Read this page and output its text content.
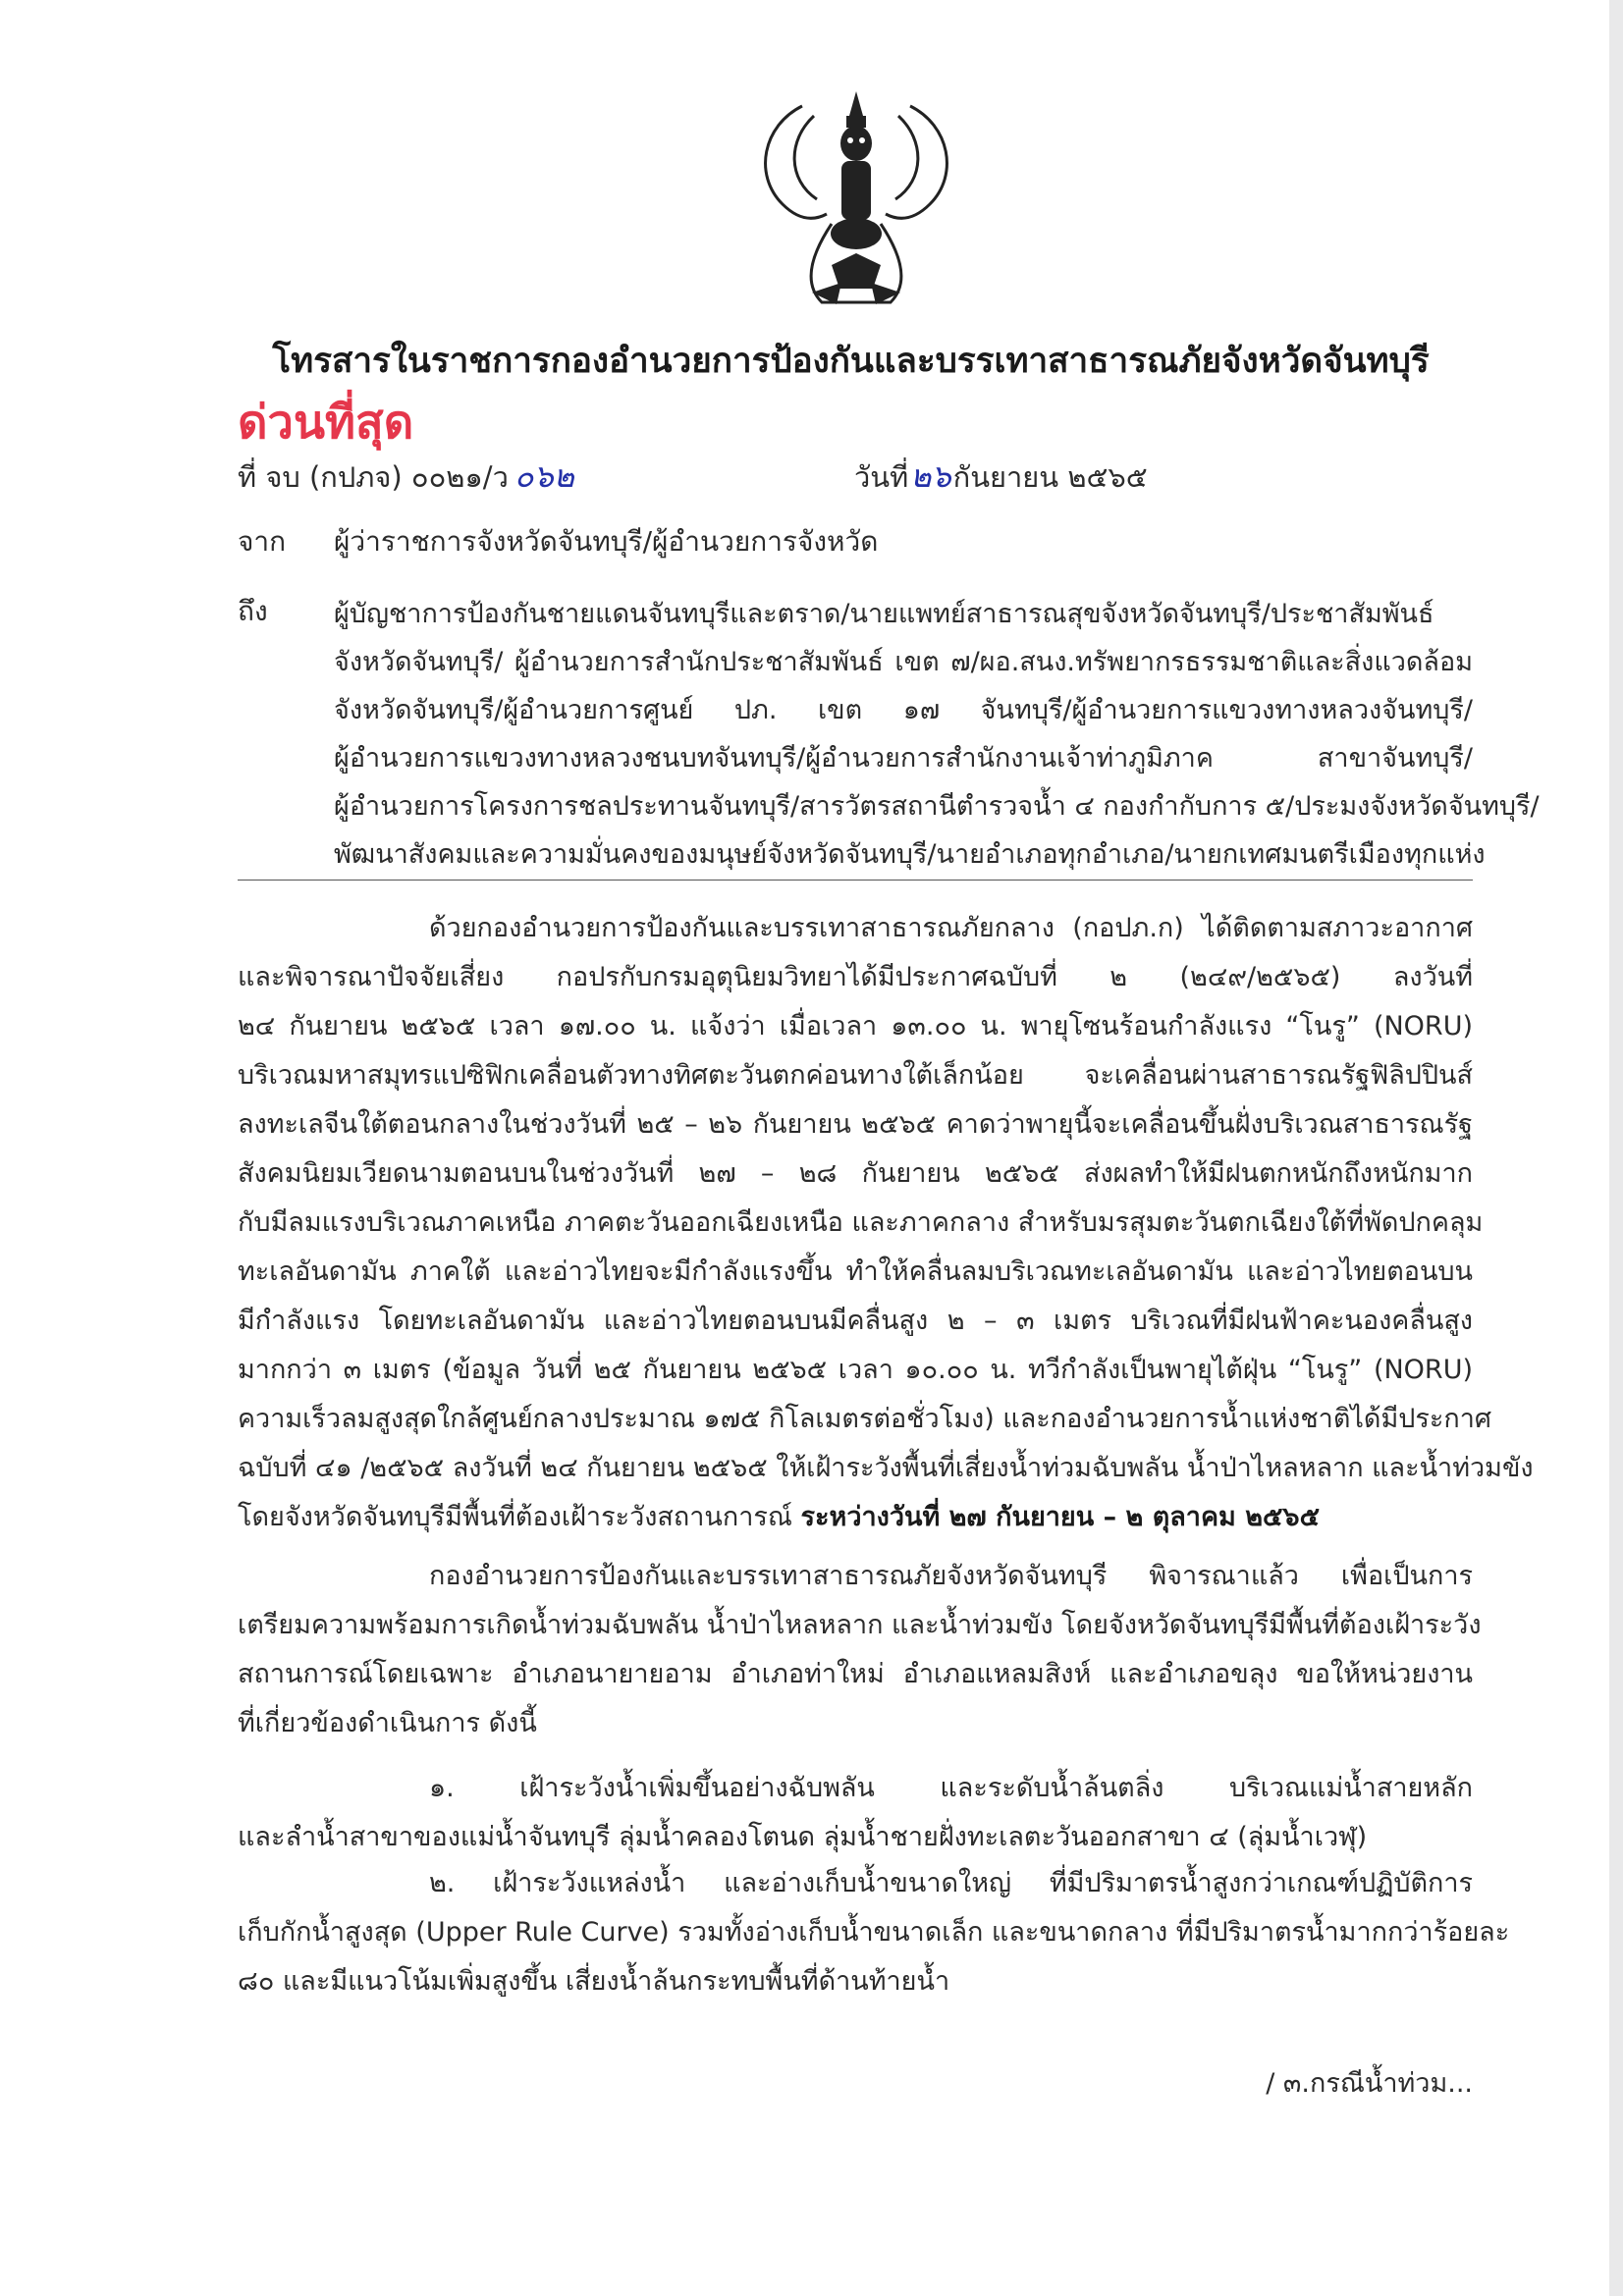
โทรสารในราชการกองอำนวยการป้องกันและบรรเทาสาธารณภัยจังหวัดจันทบุรี
ด่วนที่สุด
ที่ จบ (กปภจ) ๐๐๒๑/ว ๐๖๒	วันที่๒๖กันยายน ๒๕๖๕
จาก ผู้ว่าราชการจังหวัดจันทบุรี/ผู้อำนวยการจังหวัด
ถึง ผู้บัญชาการป้องกันชายแดนจันทบุรีและตราด/นายแพทย์สาธารณสุขจังหวัดจันทบุรี/ประชาสัมพันธ์
จังหวัดจันทบุรี/ ผู้อำนวยการสำนักประชาสัมพันธ์ เขต ๗/ผอ.สนง.ทรัพยากรธรรมชาติและสิ่งแวดล้อม
จังหวัดจันทบุรี/ผู้อำนวยการศูนย์ ปภ. เขต ๑๗ จันทบุรี/ผู้อำนวยการแขวงทางหลวงจันทบุรี/
ผู้อำนวยการแขวงทางหลวงชนบทจันทบุรี/ผู้อำนวยการสำนักงานเจ้าท่าภูมิภาค สาขาจันทบุรี/
ผู้อำนวยการโครงการชลประทานจันทบุรี/สารวัตรสถานีตำรวจน้ำ ๔ กองกำกับการ ๕/ประมงจังหวัดจันทบุรี/
พัฒนาสังคมและความมั่นคงของมนุษย์จังหวัดจันทบุรี/นายอำเภอทุกอำเภอ/นายกเทศมนตรีเมืองทุกแห่ง
ด้วยกองอำนวยการป้องกันและบรรเทาสาธารณภัยกลาง (กอปภ.ก) ได้ติดตามสภาวะอากาศ
และพิจารณาปัจจัยเสี่ยง กอปรกับกรมอุตุนิยมวิทยาได้มีประกาศฉบับที่ ๒ (๒๔๙/๒๕๖๕) ลงวันที่
๒๔ กันยายน ๒๕๖๕ เวลา ๑๗.๐๐ น. แจ้งว่า เมื่อเวลา ๑๓.๐๐ น. พายุโซนร้อนกำลังแรง “โนรู” (NORU)
บริเวณมหาสมุทรแปซิฟิกเคลื่อนตัวทางทิศตะวันตกค่อนทางใต้เล็กน้อย จะเคลื่อนผ่านสาธารณรัฐฟิลิปปินส์
ลงทะเลจีนใต้ตอนกลางในช่วงวันที่ ๒๕ – ๒๖ กันยายน ๒๕๖๕ คาดว่าพายุนี้จะเคลื่อนขึ้นฝั่งบริเวณสาธารณรัฐ
สังคมนิยมเวียดนามตอนบนในช่วงวันที่ ๒๗ – ๒๘ กันยายน ๒๕๖๕ ส่งผลทำให้มีฝนตกหนักถึงหนักมาก
กับมีลมแรงบริเวณภาคเหนือ ภาคตะวันออกเฉียงเหนือ และภาคกลาง สำหรับมรสุมตะวันตกเฉียงใต้ที่พัดปกคลุม
ทะเลอันดามัน ภาคใต้ และอ่าวไทยจะมีกำลังแรงขึ้น ทำให้คลื่นลมบริเวณทะเลอันดามัน และอ่าวไทยตอนบน
มีกำลังแรง โดยทะเลอันดามัน และอ่าวไทยตอนบนมีคลื่นสูง ๒ – ๓ เมตร บริเวณที่มีฝนฟ้าคะนองคลื่นสูง
มากกว่า ๓ เมตร (ข้อมูล วันที่ ๒๕ กันยายน ๒๕๖๕ เวลา ๑๐.๐๐ น. ทวีกำลังเป็นพายุไต้ฝุ่น “โนรู” (NORU)
ความเร็วลมสูงสุดใกล้ศูนย์กลางประมาณ ๑๗๕ กิโลเมตรต่อชั่วโมง) และกองอำนวยการน้ำแห่งชาติได้มีประกาศ
ฉบับที่ ๔๑ /๒๕๖๕ ลงวันที่ ๒๔ กันยายน ๒๕๖๕ ให้เฝ้าระวังพื้นที่เสี่ยงน้ำท่วมฉับพลัน น้ำป่าไหลหลาก และน้ำท่วมขัง
โดยจังหวัดจันทบุรีมีพื้นที่ต้องเฝ้าระวังสถานการณ์ ระหว่างวันที่ ๒๗ กันยายน – ๒ ตุลาคม ๒๕๖๕
กองอำนวยการป้องกันและบรรเทาสาธารณภัยจังหวัดจันทบุรี พิจารณาแล้ว เพื่อเป็นการ
เตรียมความพร้อมการเกิดน้ำท่วมฉับพลัน น้ำป่าไหลหลาก และน้ำท่วมขัง โดยจังหวัดจันทบุรีมีพื้นที่ต้องเฝ้าระวัง
สถานการณ์โดยเฉพาะ อำเภอนายายอาม อำเภอท่าใหม่ อำเภอแหลมสิงห์ และอำเภอขลุง ขอให้หน่วยงาน
ที่เกี่ยวข้องดำเนินการ ดังนี้
๑. เฝ้าระวังน้ำเพิ่มขึ้นอย่างฉับพลัน และระดับน้ำล้นตลิ่ง บริเวณแม่น้ำสายหลัก
และลำน้ำสาขาของแม่น้ำจันทบุรี ลุ่มน้ำคลองโตนด ลุ่มน้ำชายฝั่งทะเลตะวันออกสาขา ๔ (ลุ่มน้ำเวฬุ)
๒. เฝ้าระวังแหล่งน้ำ และอ่างเก็บน้ำขนาดใหญ่ ที่มีปริมาตรน้ำสูงกว่าเกณฑ์ปฏิบัติการ
เก็บกักน้ำสูงสุด (Upper Rule Curve) รวมทั้งอ่างเก็บน้ำขนาดเล็ก และขนาดกลาง ที่มีปริมาตรน้ำมากกว่าร้อยละ
๘๐ และมีแนวโน้มเพิ่มสูงขึ้น เสี่ยงน้ำล้นกระทบพื้นที่ด้านท้ายน้ำ
/ ๓.กรณีน้ำท่วม...
